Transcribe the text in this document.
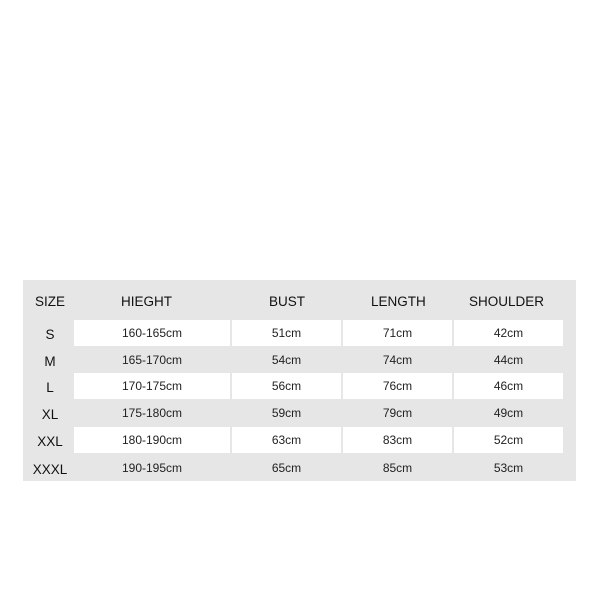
SIZE	HIEGHT	BUST	LENGTH	SHOULDER
S	160-165cm	51cm	71cm	42cm
M	165-170cm	54cm	74cm	44cm
L	170-175cm	56cm	76cm	46cm
XL	175-180cm	59cm	79cm	49cm
XXL	180-190cm	63cm	83cm	52cm
XXXL	190-195cm	65cm	85cm	53cm
